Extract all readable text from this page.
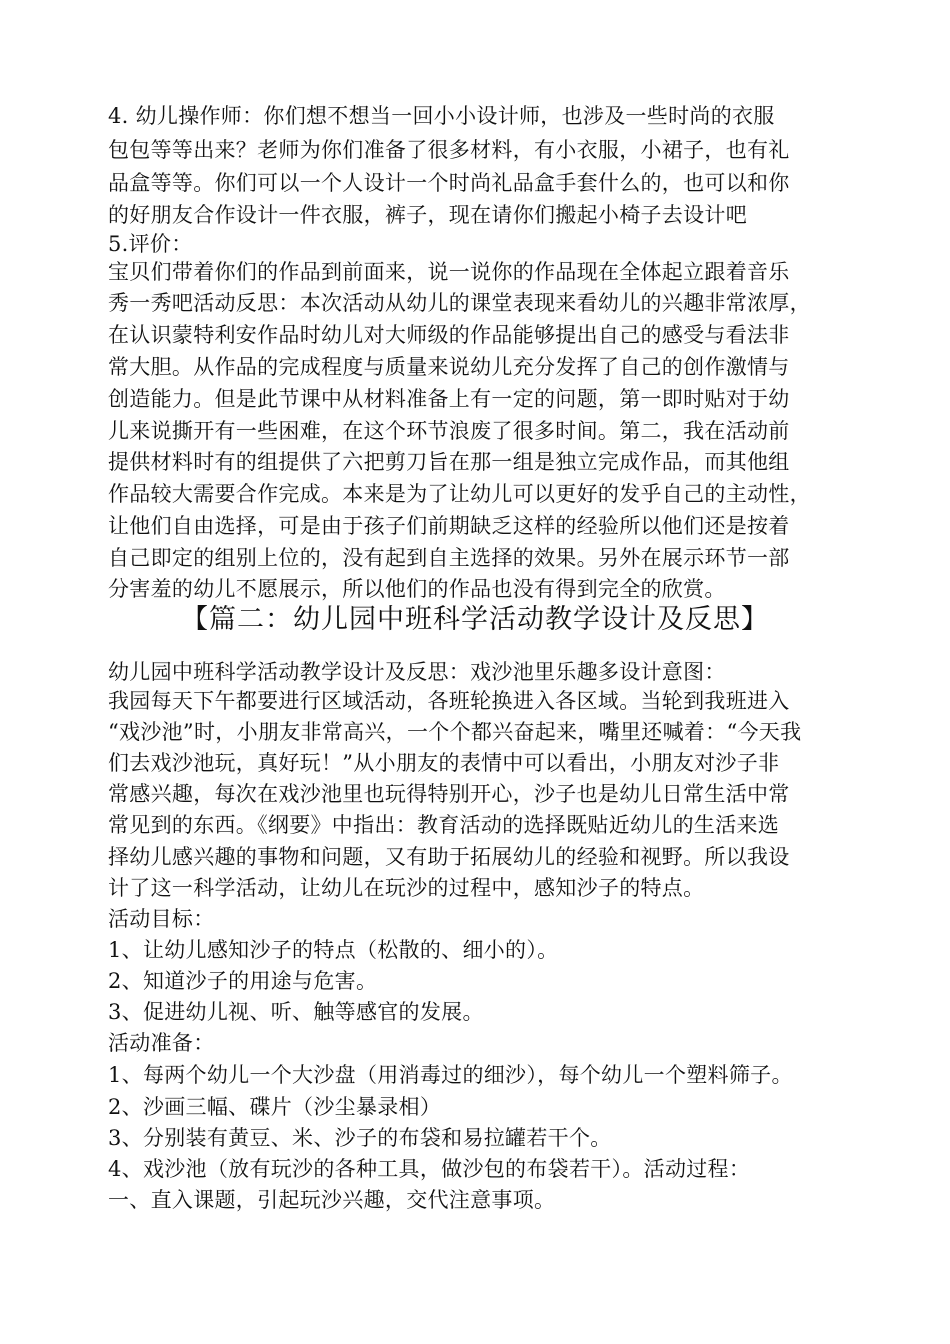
4. 幼儿操作师：你们想不想当一回小小设计师，也涉及一些时尚的衣服
包包等等出来？老师为你们准备了很多材料，有小衣服，小裙子，也有礼
品盒等等。你们可以一个人设计一个时尚礼品盒手套什么的，也可以和你
的好朋友合作设计一件衣服，裤子，现在请你们搬起小椅子去设计吧
5.评价：
宝贝们带着你们的作品到前面来，说一说你的作品现在全体起立跟着音乐
秀一秀吧活动反思：本次活动从幼儿的课堂表现来看幼儿的兴趣非常浓厚，
在认识蒙特利安作品时幼儿对大师级的作品能够提出自己的感受与看法非
常大胆。从作品的完成程度与质量来说幼儿充分发挥了自己的创作激情与
创造能力。但是此节课中从材料准备上有一定的问题，第一即时贴对于幼
儿来说撕开有一些困难，在这个环节浪废了很多时间。第二，我在活动前
提供材料时有的组提供了六把剪刀旨在那一组是独立完成作品，而其他组
作品较大需要合作完成。本来是为了让幼儿可以更好的发乎自己的主动性，
让他们自由选择，可是由于孩子们前期缺乏这样的经验所以他们还是按着
自己即定的组别上位的，没有起到自主选择的效果。另外在展示环节一部
分害羞的幼儿不愿展示，所以他们的作品也没有得到完全的欣赏。
【篇二：幼儿园中班科学活动教学设计及反思】
幼儿园中班科学活动教学设计及反思：戏沙池里乐趣多设计意图：
我园每天下午都要进行区域活动，各班轮换进入各区域。当轮到我班进入
“戏沙池”时，小朋友非常高兴，一个个都兴奋起来，嘴里还喊着：“今天我
们去戏沙池玩，真好玩！”从小朋友的表情中可以看出，小朋友对沙子非
常感兴趣，每次在戏沙池里也玩得特别开心，沙子也是幼儿日常生活中常
常见到的东西。《纲要》中指出：教育活动的选择既贴近幼儿的生活来选
择幼儿感兴趣的事物和问题，又有助于拓展幼儿的经验和视野。所以我设
计了这一科学活动，让幼儿在玩沙的过程中，感知沙子的特点。
活动目标：
1、让幼儿感知沙子的特点（松散的、细小的）。
2、知道沙子的用途与危害。
3、促进幼儿视、听、触等感官的发展。
活动准备：
1、每两个幼儿一个大沙盘（用消毒过的细沙），每个幼儿一个塑料筛子。
2、沙画三幅、碟片（沙尘暴录相）
3、分别装有黄豆、米、沙子的布袋和易拉罐若干个。
4、戏沙池（放有玩沙的各种工具，做沙包的布袋若干）。活动过程：
一、直入课题，引起玩沙兴趣，交代注意事项。
